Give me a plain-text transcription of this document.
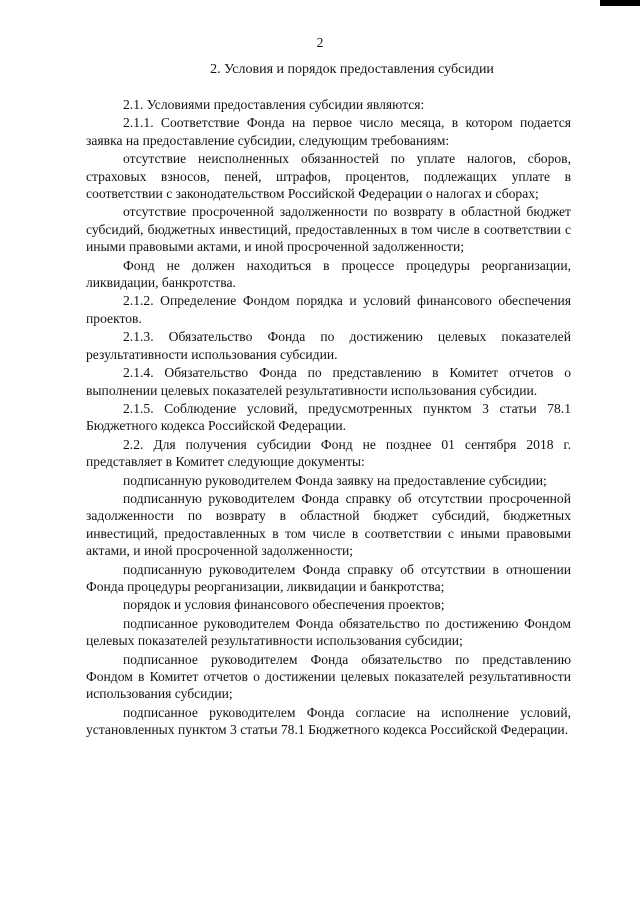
2
2. Условия и порядок предоставления субсидии

2.1. Условиями предоставления субсидии являются:

2.1.1. Соответствие Фонда на первое число месяца, в котором подается заявка на предоставление субсидии, следующим требованиям:

отсутствие неисполненных обязанностей по уплате налогов, сборов, страховых взносов, пеней, штрафов, процентов, подлежащих уплате в соответствии с законодательством Российской Федерации о налогах и сборах;

отсутствие просроченной задолженности по возврату в областной бюджет субсидий, бюджетных инвестиций, предоставленных в том числе в соответствии с иными правовыми актами, и иной просроченной задолженности;

Фонд не должен находиться в процессе процедуры реорганизации, ликвидации, банкротства.

2.1.2. Определение Фондом порядка и условий финансового обеспечения проектов.

2.1.3. Обязательство Фонда по достижению целевых показателей результативности использования субсидии.

2.1.4. Обязательство Фонда по представлению в Комитет отчетов о выполнении целевых показателей результативности использования субсидии.

2.1.5. Соблюдение условий, предусмотренных пунктом 3 статьи 78.1 Бюджетного кодекса Российской Федерации.

2.2. Для получения субсидии Фонд не позднее 01 сентября 2018 г. представляет в Комитет следующие документы:

подписанную руководителем Фонда заявку на предоставление субсидии;

подписанную руководителем Фонда справку об отсутствии просроченной задолженности по возврату в областной бюджет субсидий, бюджетных инвестиций, предоставленных в том числе в соответствии с иными правовыми актами, и иной просроченной задолженности;

подписанную руководителем Фонда справку об отсутствии в отношении Фонда процедуры реорганизации, ликвидации и банкротства;

порядок и условия финансового обеспечения проектов;

подписанное руководителем Фонда обязательство по достижению Фондом целевых показателей результативности использования субсидии;

подписанное руководителем Фонда обязательство по представлению Фондом в Комитет отчетов о достижении целевых показателей результативности использования субсидии;

подписанное руководителем Фонда согласие на исполнение условий, установленных пунктом 3 статьи 78.1 Бюджетного кодекса Российской Федерации.
